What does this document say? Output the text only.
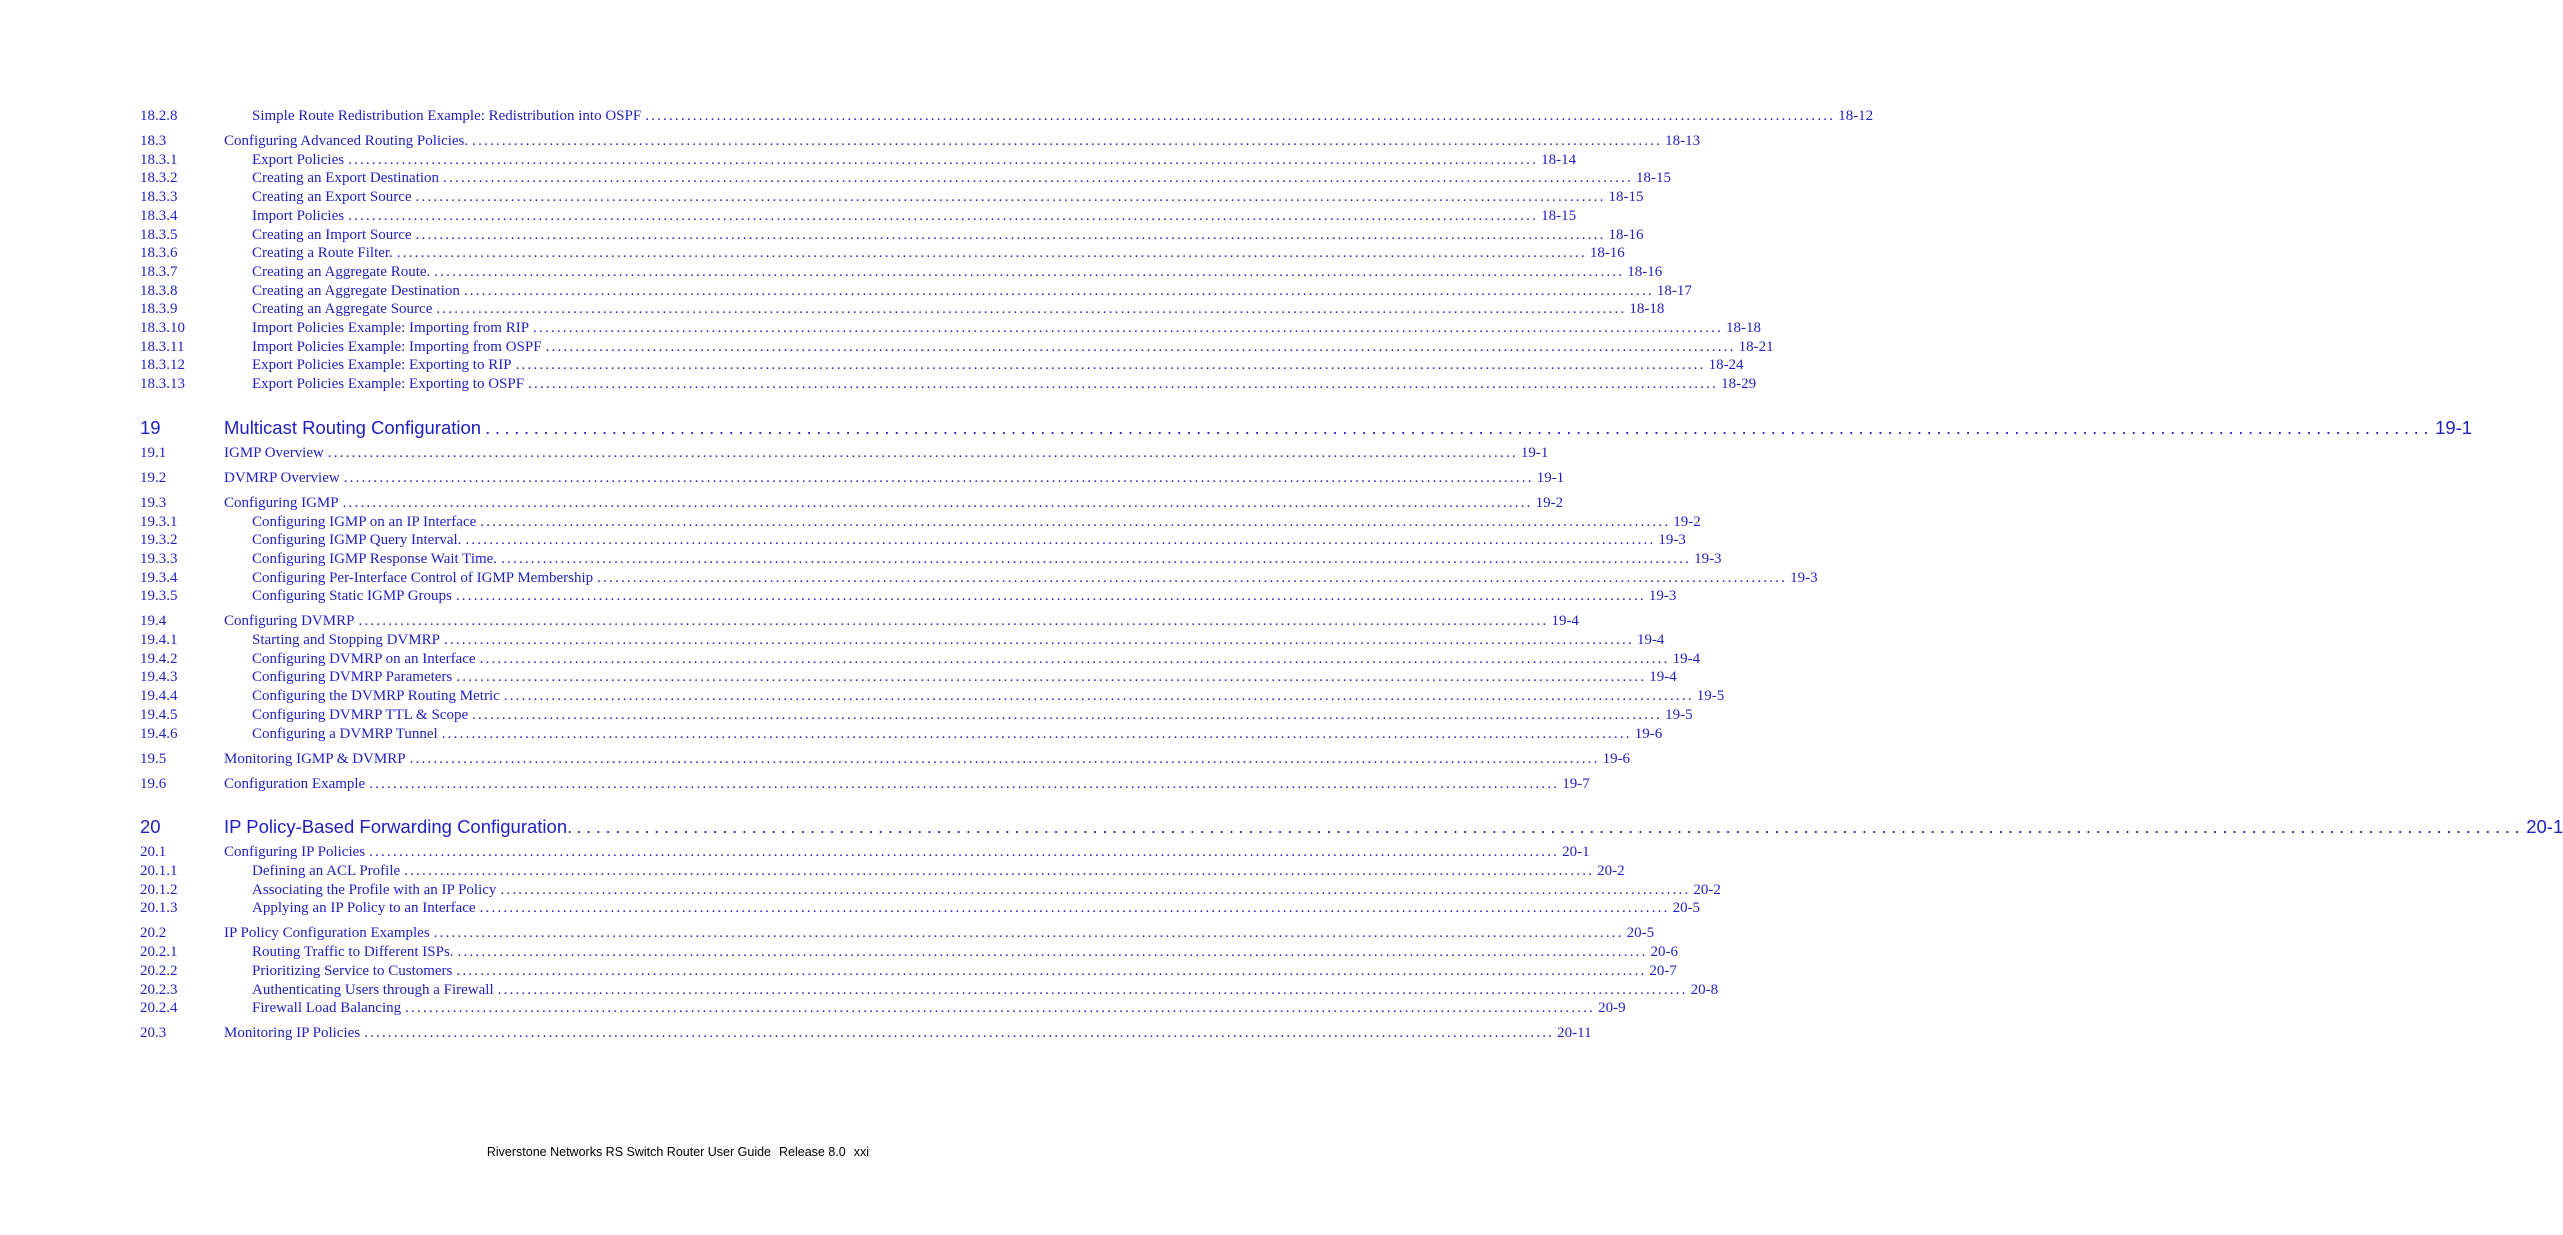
18.2.8	Simple Route Redistribution Example: Redistribution into OSPF ........................................................................................................................................................................................................ 18-12
18.3	Configuring Advanced Routing Policies. ........................................................................................................................................................................................................ 18-13
18.3.1	Export Policies ........................................................................................................................................................................................................ 18-14
18.3.2	Creating an Export Destination ........................................................................................................................................................................................................ 18-15
18.3.3	Creating an Export Source ........................................................................................................................................................................................................ 18-15
18.3.4	Import Policies ........................................................................................................................................................................................................ 18-15
18.3.5	Creating an Import Source ........................................................................................................................................................................................................ 18-16
18.3.6	Creating a Route Filter. ........................................................................................................................................................................................................ 18-16
18.3.7	Creating an Aggregate Route. ........................................................................................................................................................................................................ 18-16
18.3.8	Creating an Aggregate Destination ........................................................................................................................................................................................................ 18-17
18.3.9	Creating an Aggregate Source ........................................................................................................................................................................................................ 18-18
18.3.10	Import Policies Example: Importing from RIP ........................................................................................................................................................................................................ 18-18
18.3.11	Import Policies Example: Importing from OSPF ........................................................................................................................................................................................................ 18-21
18.3.12	Export Policies Example: Exporting to RIP ........................................................................................................................................................................................................ 18-24
18.3.13	Export Policies Example: Exporting to OSPF ........................................................................................................................................................................................................ 18-29
19	Multicast Routing Configuration ........................................................................................................................................................................................................ 19-1
19.1	IGMP Overview ........................................................................................................................................................................................................ 19-1
19.2	DVMRP Overview ........................................................................................................................................................................................................ 19-1
19.3	Configuring IGMP ........................................................................................................................................................................................................ 19-2
19.3.1	Configuring IGMP on an IP Interface ........................................................................................................................................................................................................ 19-2
19.3.2	Configuring IGMP Query Interval. ........................................................................................................................................................................................................ 19-3
19.3.3	Configuring IGMP Response Wait Time. ........................................................................................................................................................................................................ 19-3
19.3.4	Configuring Per-Interface Control of IGMP Membership ........................................................................................................................................................................................................ 19-3
19.3.5	Configuring Static IGMP Groups ........................................................................................................................................................................................................ 19-3
19.4	Configuring DVMRP ........................................................................................................................................................................................................ 19-4
19.4.1	Starting and Stopping DVMRP ........................................................................................................................................................................................................ 19-4
19.4.2	Configuring DVMRP on an Interface ........................................................................................................................................................................................................ 19-4
19.4.3	Configuring DVMRP Parameters ........................................................................................................................................................................................................ 19-4
19.4.4	Configuring the DVMRP Routing Metric ........................................................................................................................................................................................................ 19-5
19.4.5	Configuring DVMRP TTL & Scope ........................................................................................................................................................................................................ 19-5
19.4.6	Configuring a DVMRP Tunnel ........................................................................................................................................................................................................ 19-6
19.5	Monitoring IGMP & DVMRP ........................................................................................................................................................................................................ 19-6
19.6	Configuration Example ........................................................................................................................................................................................................ 19-7
20	IP Policy-Based Forwarding Configuration. ........................................................................................................................................................................................................ 20-1
20.1	Configuring IP Policies ........................................................................................................................................................................................................ 20-1
20.1.1	Defining an ACL Profile ........................................................................................................................................................................................................ 20-2
20.1.2	Associating the Profile with an IP Policy ........................................................................................................................................................................................................ 20-2
20.1.3	Applying an IP Policy to an Interface ........................................................................................................................................................................................................ 20-5
20.2	IP Policy Configuration Examples ........................................................................................................................................................................................................ 20-5
20.2.1	Routing Traffic to Different ISPs. ........................................................................................................................................................................................................ 20-6
20.2.2	Prioritizing Service to Customers ........................................................................................................................................................................................................ 20-7
20.2.3	Authenticating Users through a Firewall ........................................................................................................................................................................................................ 20-8
20.2.4	Firewall Load Balancing ........................................................................................................................................................................................................ 20-9
20.3	Monitoring IP Policies ........................................................................................................................................................................................................ 20-11
Riverstone Networks RS Switch Router User Guide Release 8.0 xxi
